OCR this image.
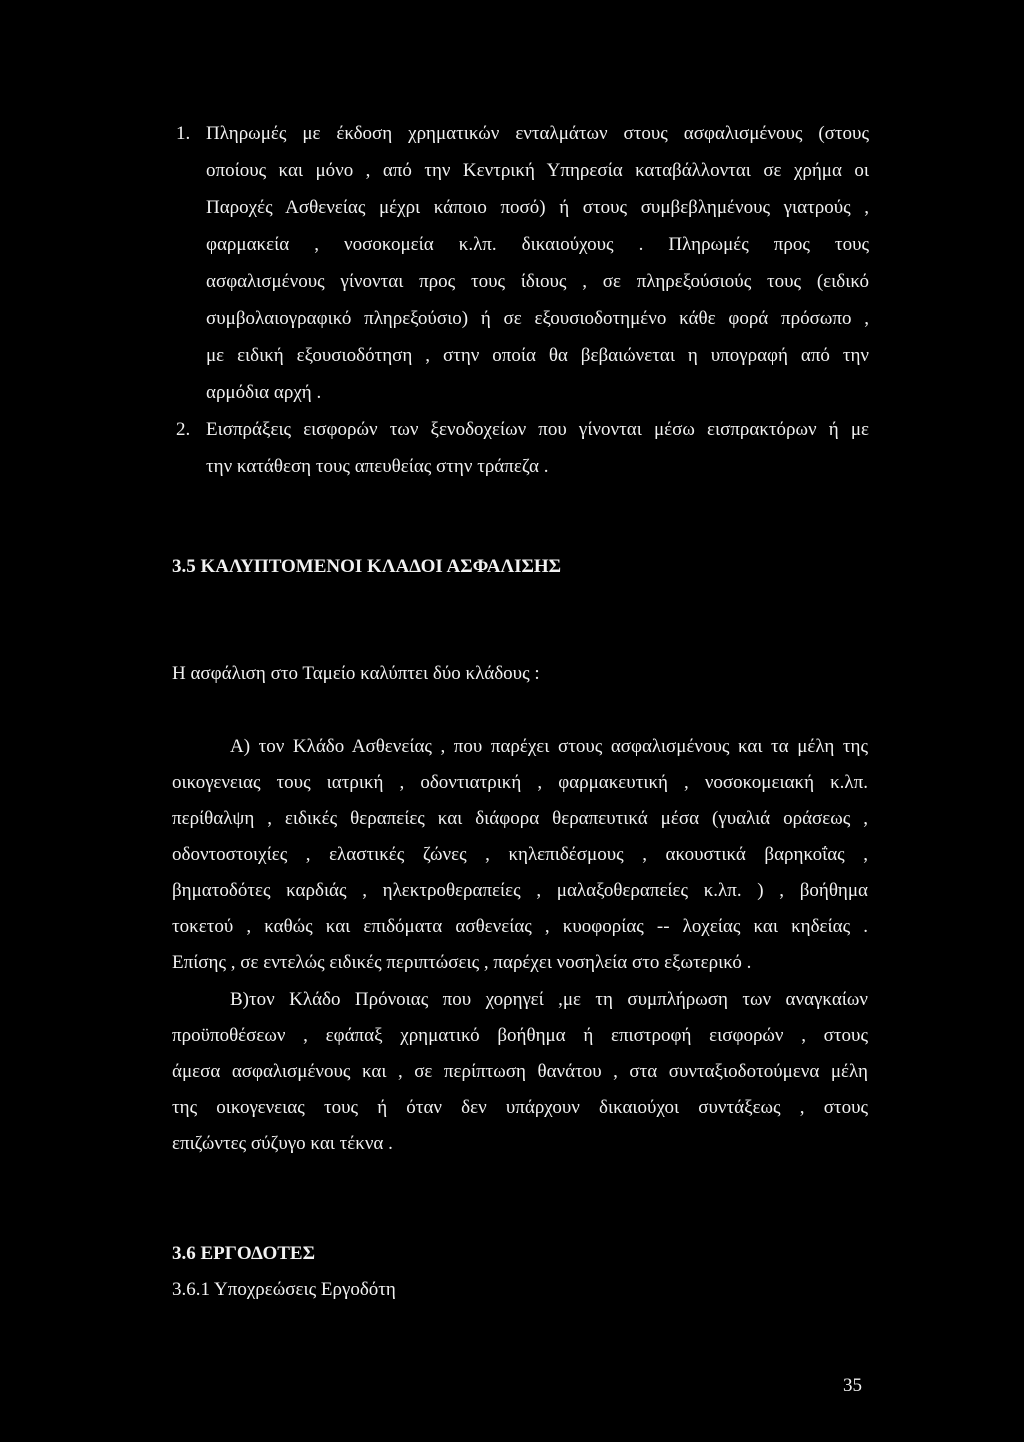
1. Πληρωμές με έκδοση χρηματικών ενταλμάτων στους ασφαλισμένους (στους
οποίους και μόνο , από την Κεντρική Υπηρεσία καταβάλλονται σε χρήμα οι
Παροχές Ασθενείας μέχρι κάποιο ποσό) ή στους συμβεβλημένους γιατρούς ,
φαρμακεία , νοσοκομεία κ.λπ. δικαιούχους . Πληρωμές προς τους
ασφαλισμένους γίνονται προς τους ίδιους , σε πληρεξούσιούς τους (ειδικό
συμβολαιογραφικό πληρεξούσιο) ή σε εξουσιοδοτημένο κάθε φορά πρόσωπο ,
με ειδική εξουσιοδότηση , στην οποία θα βεβαιώνεται η υπογραφή από την
αρμόδια αρχή .
2. Εισπράξεις εισφορών των ξενοδοχείων που γίνονται μέσω εισπρακτόρων ή με
την κατάθεση τους απευθείας στην τράπεζα .
3.5 ΚΑΛΥΠΤΟΜΕΝΟΙ ΚΛΑΔΟΙ ΑΣΦΑΛΙΣΗΣ
Η ασφάλιση στο Ταμείο καλύπτει δύο κλάδους :
Α) τον Κλάδο Ασθενείας , που παρέχει στους ασφαλισμένους και τα μέλη της
οικογενειας τους ιατρική , οδοντιατρική , φαρμακευτική , νοσοκομειακή κ.λπ.
περίθαλψη , ειδικές θεραπείες και διάφορα θεραπευτικά μέσα (γυαλιά οράσεως ,
οδοντοστοιχίες , ελαστικές ζώνες , κηλεπιδέσμους , ακουστικά βαρηκοΐας ,
βηματοδότες καρδιάς , ηλεκτροθεραπείες , μαλαξοθεραπείες κ.λπ. ) , βοήθημα
τοκετού , καθώς και επιδόματα ασθενείας , κυοφορίας -- λοχείας και κηδείας .
Επίσης , σε εντελώς ειδικές περιπτώσεις , παρέχει νοσηλεία στο εξωτερικό .
Β)τον Κλάδο Πρόνοιας που χορηγεί ,με τη συμπλήρωση των αναγκαίων
προϋποθέσεων , εφάπαξ χρηματικό βοήθημα ή επιστροφή εισφορών , στους
άμεσα ασφαλισμένους και , σε περίπτωση θανάτου , στα συνταξιοδοτούμενα μέλη
της οικογενειας τους ή όταν δεν υπάρχουν δικαιούχοι συντάξεως , στους
επιζώντες σύζυγο και τέκνα .
3.6 ΕΡΓΟΔΟΤΕΣ
3.6.1 Υποχρεώσεις Εργοδότη
35
